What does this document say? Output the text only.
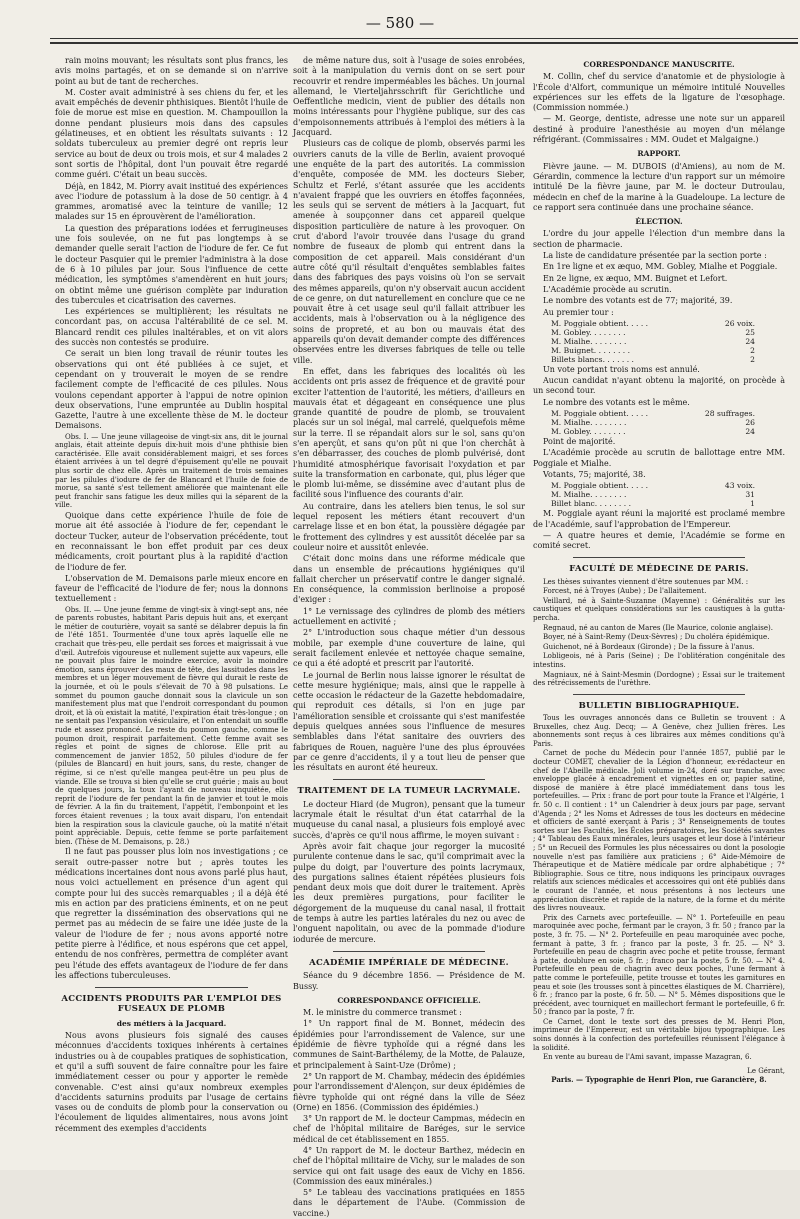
— 580 —

rain moins mouvant; les résultats sont plus francs, les avis moins partagés, et on se demande si on n'arrive point au but de tant de recherches.

M. Coster avait administré à ses chiens du fer, et les avait empêchés de devenir phthisiques. Bientôt l'huile de foie de morue est mise en question. M. Champouillon la donne pendant plusieurs mois dans des capsules gélatineuses, et en obtient les résultats suivants : 12 soldats tuberculeux au premier degré ont repris leur service au bout de deux ou trois mois, et sur 4 malades 2 sont sortis de l'hôpital, dont l'un pouvait être regardé comme guéri. C'était un beau succès.

Déjà, en 1842, M. Piorry avait institué des expériences avec l'iodure de potassium à la dose de 50 centigr. à 4 grammes, aromatisé avec la teinture de vanille; 12 malades sur 15 en éprouvèrent de l'amélioration.

La question des préparations iodées et ferrugineuses une fois soulevée, on ne fut pas longtemps à se demander quelle serait l'action de l'iodure de fer. Ce fut le docteur Pasquier qui le premier l'administra à la dose de 6 à 10 pilules par jour. Sous l'influence de cette médication, les symptômes s'amendèrent en huit jours; on obtint même une guérison complète par induration des tubercules et cicatrisation des cavernes.

Les expériences se multiplièrent; les résultats ne concordant pas, on accusa l'altérabilité de ce sel. M. Blancard rendit ces pilules inaltérables, et on vit alors des succès non contestés se produire.

Ce serait un bien long travail de réunir toutes les observations qui ont été publiées à ce sujet, et cependant on y trouverait le moyen de se rendre facilement compte de l'efficacité de ces pilules. Nous voulons cependant apporter à l'appui de notre opinion deux observations, l'une empruntée au Dublin hospital Gazette, l'autre à une excellente thèse de M. le docteur Demaisons.

Obs. I. — Une jeune villageoise de vingt-six ans, dit le journal anglais, était atteinte depuis dix-huit mois d'une phthisie bien caractérisée. Elle avait considérablement maigri, et ses forces étaient arrivées à un tel degré d'épuisement qu'elle ne pouvait plus sortir de chez elle. Après un traitement de trois semaines par les pilules d'iodure de fer de Blancard et l'huile de foie de morue, sa santé s'est tellement améliorée que maintenant elle peut franchir sans fatigue les deux milles qui la séparent de la ville.

Quoique dans cette expérience l'huile de foie de morue ait été associée à l'iodure de fer, cependant le docteur Tucker, auteur de l'observation précédente, tout en reconnaissant le bon effet produit par ces deux médicaments, croit pourtant plus à la rapidité d'action de l'iodure de fer.

L'observation de M. Demaisons parle mieux encore en faveur de l'efficacité de l'iodure de fer; nous la donnons textuellement :

Obs. II. — Une jeune femme de vingt-six à vingt-sept ans, née de parents robustes, habitant Paris depuis huit ans, et exerçant le métier de couturière, voyait sa santé se délabrer depuis la fin de l'été 1851. Tourmentée d'une toux après laquelle elle ne crachait que très-peu, elle perdait ses forces et maigrissait à vue d'œil. Autrefois vigoureuse et nullement sujette aux vapeurs, elle ne pouvait plus faire le moindre exercice, avoir la moindre émotion, sans éprouver des maux de tête, des lassitudes dans les membres et un léger mouvement de fièvre qui durait le reste de la journée, et où le pouls s'élevait de 70 à 98 pulsations. Le sommet du poumon gauche donnait sous la clavicule un son manifestement plus mat que l'endroit correspondant du poumon droit, et là où existait la matité, l'expiration était très-longue ; on ne sentait pas l'expansion vésiculaire, et l'on entendait un souffle rude et assez prononcé. Le reste du poumon gauche, comme le poumon droit, respirait parfaitement. Cette femme avait ses règles et point de signes de chlorose. Elle prit au commencement de janvier 1852, 50 pilules d'iodure de fer (pilules de Blancard) en huit jours, sans, du reste, changer de régime, si ce n'est qu'elle mangea peut-être un peu plus de viande. Elle se trouva si bien qu'elle se crut guérie ; mais au bout de quelques jours, la toux l'ayant de nouveau inquiétée, elle reprit de l'iodure de fer pendant la fin de janvier et tout le mois de février. A la fin du traitement, l'appétit, l'embonpoint et les forces étaient revenues ; la toux avait disparu, l'on entendait bien la respiration sous la clavicule gauche, où la matité n'était point appréciable. Depuis, cette femme se porte parfaitement bien. (Thèse de M. Demaisons, p. 28.)

Il ne faut pas pousser plus loin nos investigations ; ce serait outre-passer notre but ; après toutes les médications incertaines dont nous avons parlé plus haut, nous voici actuellement en présence d'un agent qui compte pour lui des succès remarquables ; il a déjà été mis en action par des praticiens éminents, et on ne peut que regretter la dissémination des observations qui ne permet pas au médecin de se faire une idée juste de la valeur de l'iodure de fer ; nous avons apporté notre petite pierre à l'édifice, et nous espérons que cet appel, entendu de nos confrères, permettra de compléter avant peu l'étude des effets avantageux de l'iodure de fer dans les affections tuberculeuses.

ACCIDENTS PRODUITS PAR L'EMPLOI DES FUSEAUX DE PLOMB
des métiers à la Jacquard.

Nous avons plusieurs fois signalé des causes méconnues d'accidents toxiques inhérents à certaines industries ou à de coupables pratiques de sophistication, et qu'il a suffi souvent de faire connaître pour les faire immédiatement cesser ou pour y apporter le remède convenable. C'est ainsi qu'aux nombreux exemples d'accidents saturnins produits par l'usage de certains vases ou de conduits de plomb pour la conservation ou l'écoulement de liquides alimentaires, nous avons joint récemment des exemples d'accidents

de même nature dus, soit à l'usage de soies enrobées, soit à la manipulation du vernis dont on se sert pour recouvrir et rendre imperméables les bâches. Un journal allemand, le Vierteljahrsschrift für Gerichtliche und Oeffentliche medicin, vient de publier des détails non moins intéressants pour l'hygiène publique, sur des cas d'empoisonnements attribués à l'emploi des métiers à la Jacquard.

Plusieurs cas de colique de plomb, observés parmi les ouvriers canuts de la ville de Berlin, avaient provoqué une enquête de la part des autorités. La commission d'enquête, composée de MM. les docteurs Sieber, Schultz et Ferlé, s'étant assurée que les accidents n'avaient frappé que les ouvriers en étoffes façonnées, les seuls qui se servent de métiers à la Jacquart, fut amenée à soupçonner dans cet appareil quelque disposition particulière de nature à les provoquer. On crut d'abord l'avoir trouvée dans l'usage du grand nombre de fuseaux de plomb qui entrent dans la composition de cet appareil. Mais considérant d'un autre côté qu'il résultait d'enquêtes semblables faites dans des fabriques des pays voisins où l'on se servait des mêmes appareils, qu'on n'y observait aucun accident de ce genre, on dut naturellement en conclure que ce ne pouvait être à cet usage seul qu'il fallait attribuer les accidents, mais à l'observation ou à la négligence des soins de propreté, et au bon ou mauvais état des appareils qu'on devait demander compte des différences observées entre les diverses fabriques de telle ou telle ville.

En effet, dans les fabriques des localités où les accidents ont pris assez de fréquence et de gravité pour exciter l'attention de l'autorité, les métiers, d'ailleurs en mauvais état et dégageant en conséquence une plus grande quantité de poudre de plomb, se trouvaient placés sur un sol inégal, mal carrelé, quelquefois même sur la terre. Il se répandait alors sur le sol, sans qu'on s'en aperçût, et sans qu'on pût ni que l'on cherchât à s'en débarrasser, des couches de plomb pulvérisé, dont l'humidité atmosphérique favorisait l'oxydation et par suite la transformation en carbonate, qui, plus léger que le plomb lui-même, se dissémine avec d'autant plus de facilité sous l'influence des courants d'air.

Au contraire, dans les ateliers bien tenus, le sol sur lequel reposent les métiers étant recouvert d'un carrelage lisse et en bon état, la poussière dégagée par le frottement des cylindres y est aussitôt décelée par sa couleur noire et aussitôt enlevée.

C'était donc moins dans une réforme médicale que dans un ensemble de précautions hygiéniques qu'il fallait chercher un préservatif contre le danger signalé. En conséquence, la commission berlinoise a proposé d'exiger :

1° Le vernissage des cylindres de plomb des métiers actuellement en activité ;

2° L'introduction sous chaque métier d'un dessous mobile, par exemple d'une couverture de laine, qui serait facilement enlevée et nettoyée chaque semaine, ce qui a été adopté et prescrit par l'autorité.

Le journal de Berlin nous laisse ignorer le résultat de cette mesure hygiénique; mais, ainsi que le rappelle à cette occasion le rédacteur de la Gazette hebdomadaire, qui reproduit ces détails, si l'on en juge par l'amélioration sensible et croissante qui s'est manifestée depuis quelques années sous l'influence de mesures semblables dans l'état sanitaire des ouvriers des fabriques de Rouen, naguère l'une des plus éprouvées par ce genre d'accidents, il y a tout lieu de penser que les résultats en auront été heureux.

TRAITEMENT DE LA TUMEUR LACRYMALE.

Le docteur Hiard (de Mugron), pensant que la tumeur lacrymale était le résultat d'un état catarrhal de la muqueuse du canal nasal, a plusieurs fois employé avec succès, d'après ce qu'il nous affirme, le moyen suivant :

Après avoir fait chaque jour regorger la mucosité purulente contenue dans le sac, qu'il comprimait avec la pulpe du doigt, par l'ouverture des points lacrymaux, des purgations salines étaient répétées plusieurs fois pendant deux mois que doit durer le traitement. Après les deux premières purgations, pour faciliter le dégorgement de la muqueuse du canal nasal, il frottait de temps à autre les parties latérales du nez ou avec de l'onguent napolitain, ou avec de la pommade d'iodure iodurée de mercure.

ACADÉMIE IMPÉRIALE DE MÉDECINE.

Séance du 9 décembre 1856. — Présidence de M. Bussy.

CORRESPONDANCE OFFICIELLE.

M. le ministre du commerce transmet :

1° Un rapport final de M. Bonnet, médecin des épidémies pour l'arrondissement de Valence, sur une épidémie de fièvre typhoïde qui a régné dans les communes de Saint-Barthélemy, de la Motte, de Palauze, et principalement à Saint-Uze (Drôme) ;

2° Un rapport de M. Chambay, médecin des épidémies pour l'arrondissement d'Alençon, sur deux épidémies de fièvre typhoïde qui ont régné dans la ville de Séez (Orne) en 1856. (Commission des épidémies.)

3° Un rapport de M. le docteur Campmas, médecin en chef de l'hôpital militaire de Baréges, sur le service médical de cet établissement en 1855.

4° Un rapport de M. le docteur Barthez, médecin en chef de l'hôpital militaire de Vichy, sur le malades de son service qui ont fait usage des eaux de Vichy en 1856. (Commission des eaux minérales.)

5° Le tableau des vaccinations pratiquées en 1855 dans le département de l'Aube. (Commission de vaccine.)

CORRESPONDANCE MANUSCRITE.

M. Collin, chef du service d'anatomie et de physiologie à l'École d'Alfort, communique un mémoire intitulé Nouvelles expériences sur les effets de la ligature de l'œsophage. (Commission nommée.)

— M. George, dentiste, adresse une note sur un appareil destiné à produire l'anesthésie au moyen d'un mélange réfrigérant. (Commissaires : MM. Oudet et Malgaigne.)

RAPPORT.

Fièvre jaune. — M. DUBOIS (d'Amiens), au nom de M. Gérardin, commence la lecture d'un rapport sur un mémoire intitulé De la fièvre jaune, par M. le docteur Dutroulau, médecin en chef de la marine à la Guadeloupe. La lecture de ce rapport sera continuée dans une prochaine séance.

ÉLECTION.

L'ordre du jour appelle l'élection d'un membre dans la section de pharmacie.

La liste de candidature présentée par la section porte :

En 1re ligne et ex æquo, MM. Gobley, Mialhe et Poggiale.

En 2e ligne, ex æquo, MM. Buignet et Lefort.

L'Académie procède au scrutin.

Le nombre des votants est de 77; majorité, 39.

Au premier tour :

M. Poggiale obtient. . . . .	26 voix.
M. Gobley. . . . . . . .	25
M. Mialhe. . . . . . . .	24
M. Buignet. . . . . . . .	2
Billets blancs. . . . . . .	2

Un vote portant trois noms est annulé.

Aucun candidat n'ayant obtenu la majorité, on procède à un second tour.

Le nombre des votants est le même.

M. Poggiale obtient. . . . .	28 suffrages.
M. Mialhe. . . . . . . .	26
M. Gobley. . . . . . . .	24

Point de majorité.

L'Académie procède au scrutin de ballottage entre MM. Poggiale et Mialhe.

Votants, 75; majorité, 38.

M. Poggiale obtient. . . . .	43 voix.
M. Mialhe. . . . . . . .	31
Billet blanc. . . . . . . .	1

M. Poggiale ayant réuni la majorité est proclamé membre de l'Académie, sauf l'approbation de l'Empereur.

— A quatre heures et demie, l'Académie se forme en comité secret.

FACULTÉ DE MÉDECINE DE PARIS.

Les thèses suivantes viennent d'être soutenues par MM. :

Forcest, né à Troyes (Aube) ; De l'allaitement.

Veillard, né à Sainte-Suzanne (Mayenne) : Généralités sur les caustiques et quelques considérations sur les caustiques à la gutta-percha.

Regnaud, né au canton de Mares (Ile Maurice, colonie anglaise).

Boyer, né à Saint-Remy (Deux-Sèvres) ; Du choléra épidémique.

Guichenot, né à Bordeaux (Gironde) ; De la fissure à l'anus.

Lobligeois, né à Paris (Seine) ; De l'oblitération congénitale des intestins.

Magniaux, né à Saint-Mesmin (Dordogne) ; Essai sur le traitement des rétrécissements de l'urèthre.

BULLETIN BIBLIOGRAPHIQUE.

Tous les ouvrages annoncés dans ce Bulletin se trouvent : A Bruxelles, chez Aug. Decq; — A Genève, chez Jullien frères. Les abonnements sont reçus à ces libraires aux mêmes conditions qu'à Paris.

Carnet de poche du Médecin pour l'année 1857, publié par le docteur COMET, chevalier de la Légion d'honneur, ex-rédacteur en chef de l'Abeille médicale. Joli volume in-24, doré sur tranche, avec enveloppe glacée à encadrement et vignettes en or, papier satiné, disposé de manière à être placé immédiatement dans tous les portefeuilles. — Prix : franc de port pour toute la France et l'Algérie, 1 fr. 50 c. Il contient : 1° un Calendrier à deux jours par page, servant d'Agenda ; 2° les Noms et Adresses de tous les docteurs en médecine et officiers de santé exerçant à Paris ; 3° Renseignements de toutes sortes sur les Facultés, les Écoles préparatoires, les Sociétés savantes ; 4° Tableau des Eaux minérales, leurs usages et leur dose à l'intérieur ; 5° un Recueil des Formules les plus nécessaires ou dont la posologie nouvelle n'est pas familière aux praticiens ; 6° Aide-Mémoire de Thérapeutique et de Matière médicale par ordre alphabétique ; 7° Bibliographie. Sous ce titre, nous indiquons les principaux ouvrages relatifs aux sciences médicales et accessoires qui ont été publiés dans le courant de l'année, et nous présentons à nos lecteurs une appréciation discrète et rapide de la nature, de la forme et du mérite des livres nouveaux.

Prix des Carnets avec portefeuille. — N° 1. Portefeuille en peau maroquinée avec poche, fermant par le crayon, 3 fr. 50 ; franco par la poste, 3 fr. 75. — N° 2. Portefeuille en peau maroquinée avec poche, fermant à patte, 3 fr. ; franco par la poste, 3 fr. 25. — N° 3. Portefeuille en peau de chagrin avec poche et petite trousse, fermant à patte, doublure en soie, 5 fr. ; franco par la poste, 5 fr. 50. — N° 4. Portefeuille en peau de chagrin avec deux poches, l'une fermant à patte comme le portefeuille, petite trousse et toutes les garnitures en peau et soie (les trousses sont à pincettes élastiques de M. Charrière), 6 fr. ; franco par la poste, 6 fr. 50. — N° 5. Mêmes dispositions que le précédent, avec tourniquet en maillechort fermant le portefeuille, 6 fr. 50 ; franco par la poste, 7 fr.

Ce Carnet, dont le texte sort des presses de M. Henri Plon, imprimeur de l'Empereur, est un véritable bijou typographique. Les soins donnés à la confection des portefeuilles réunissent l'élégance à la solidité.

En vente au bureau de l'Ami savant, impasse Mazagran, 6.

Le Gérant,
Paris. — Typographie de Henri Plon, rue Garancière, 8.
